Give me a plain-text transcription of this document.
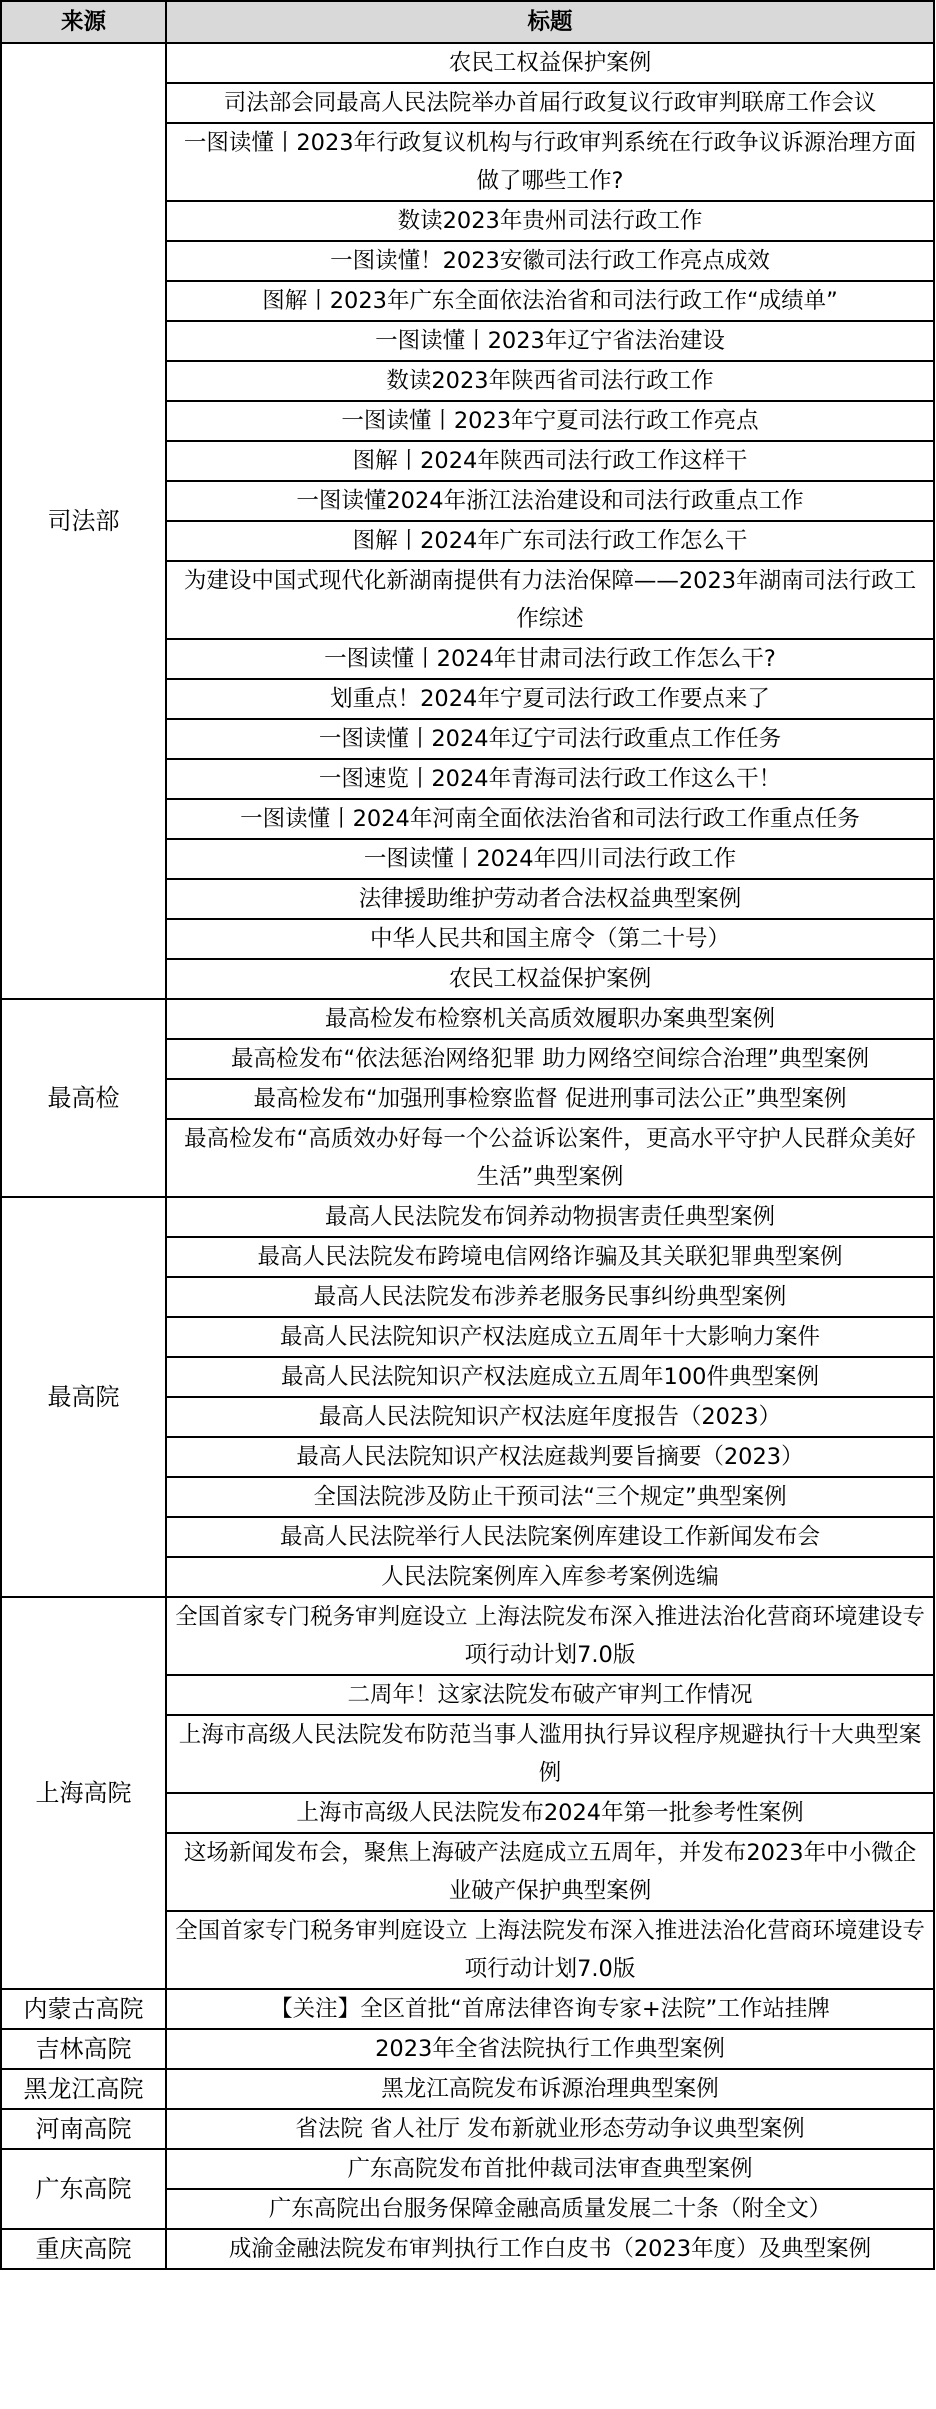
来源	标题
司法部	农民工权益保护案例
	司法部会同最高人民法院举办首届行政复议行政审判联席工作会议
	一图读懂丨2023年行政复议机构与行政审判系统在行政争议诉源治理方面做了哪些工作?
	数读2023年贵州司法行政工作
	一图读懂！2023安徽司法行政工作亮点成效
	图解丨2023年广东全面依法治省和司法行政工作“成绩单”
	一图读懂丨2023年辽宁省法治建设
	数读2023年陕西省司法行政工作
	一图读懂丨2023年宁夏司法行政工作亮点
	图解丨2024年陕西司法行政工作这样干
	一图读懂2024年浙江法治建设和司法行政重点工作
	图解丨2024年广东司法行政工作怎么干
	为建设中国式现代化新湖南提供有力法治保障——2023年湖南司法行政工作综述
	一图读懂丨2024年甘肃司法行政工作怎么干?
	划重点！2024年宁夏司法行政工作要点来了
	一图读懂丨2024年辽宁司法行政重点工作任务
	一图速览丨2024年青海司法行政工作这么干！
	一图读懂丨2024年河南全面依法治省和司法行政工作重点任务
	一图读懂丨2024年四川司法行政工作
	法律援助维护劳动者合法权益典型案例
	中华人民共和国主席令（第二十号）
	农民工权益保护案例
最高检	最高检发布检察机关高质效履职办案典型案例
	最高检发布“依法惩治网络犯罪 助力网络空间综合治理”典型案例
	最高检发布“加强刑事检察监督 促进刑事司法公正”典型案例
	最高检发布“高质效办好每一个公益诉讼案件，更高水平守护人民群众美好生活”典型案例
最高院	最高人民法院发布饲养动物损害责任典型案例
	最高人民法院发布跨境电信网络诈骗及其关联犯罪典型案例
	最高人民法院发布涉养老服务民事纠纷典型案例
	最高人民法院知识产权法庭成立五周年十大影响力案件
	最高人民法院知识产权法庭成立五周年100件典型案例
	最高人民法院知识产权法庭年度报告（2023）
	最高人民法院知识产权法庭裁判要旨摘要（2023）
	全国法院涉及防止干预司法“三个规定”典型案例
	最高人民法院举行人民法院案例库建设工作新闻发布会
	人民法院案例库入库参考案例选编
上海高院	全国首家专门税务审判庭设立 上海法院发布深入推进法治化营商环境建设专项行动计划7.0版
	二周年！这家法院发布破产审判工作情况
	上海市高级人民法院发布防范当事人滥用执行异议程序规避执行十大典型案例
	上海市高级人民法院发布2024年第一批参考性案例
	这场新闻发布会，聚焦上海破产法庭成立五周年，并发布2023年中小微企业破产保护典型案例
	全国首家专门税务审判庭设立 上海法院发布深入推进法治化营商环境建设专项行动计划7.0版
内蒙古高院	【关注】全区首批“首席法律咨询专家+法院”工作站挂牌
吉林高院	2023年全省法院执行工作典型案例
黑龙江高院	黑龙江高院发布诉源治理典型案例
河南高院	省法院 省人社厅 发布新就业形态劳动争议典型案例
广东高院	广东高院发布首批仲裁司法审查典型案例
	广东高院出台服务保障金融高质量发展二十条（附全文）
重庆高院	成渝金融法院发布审判执行工作白皮书（2023年度）及典型案例
